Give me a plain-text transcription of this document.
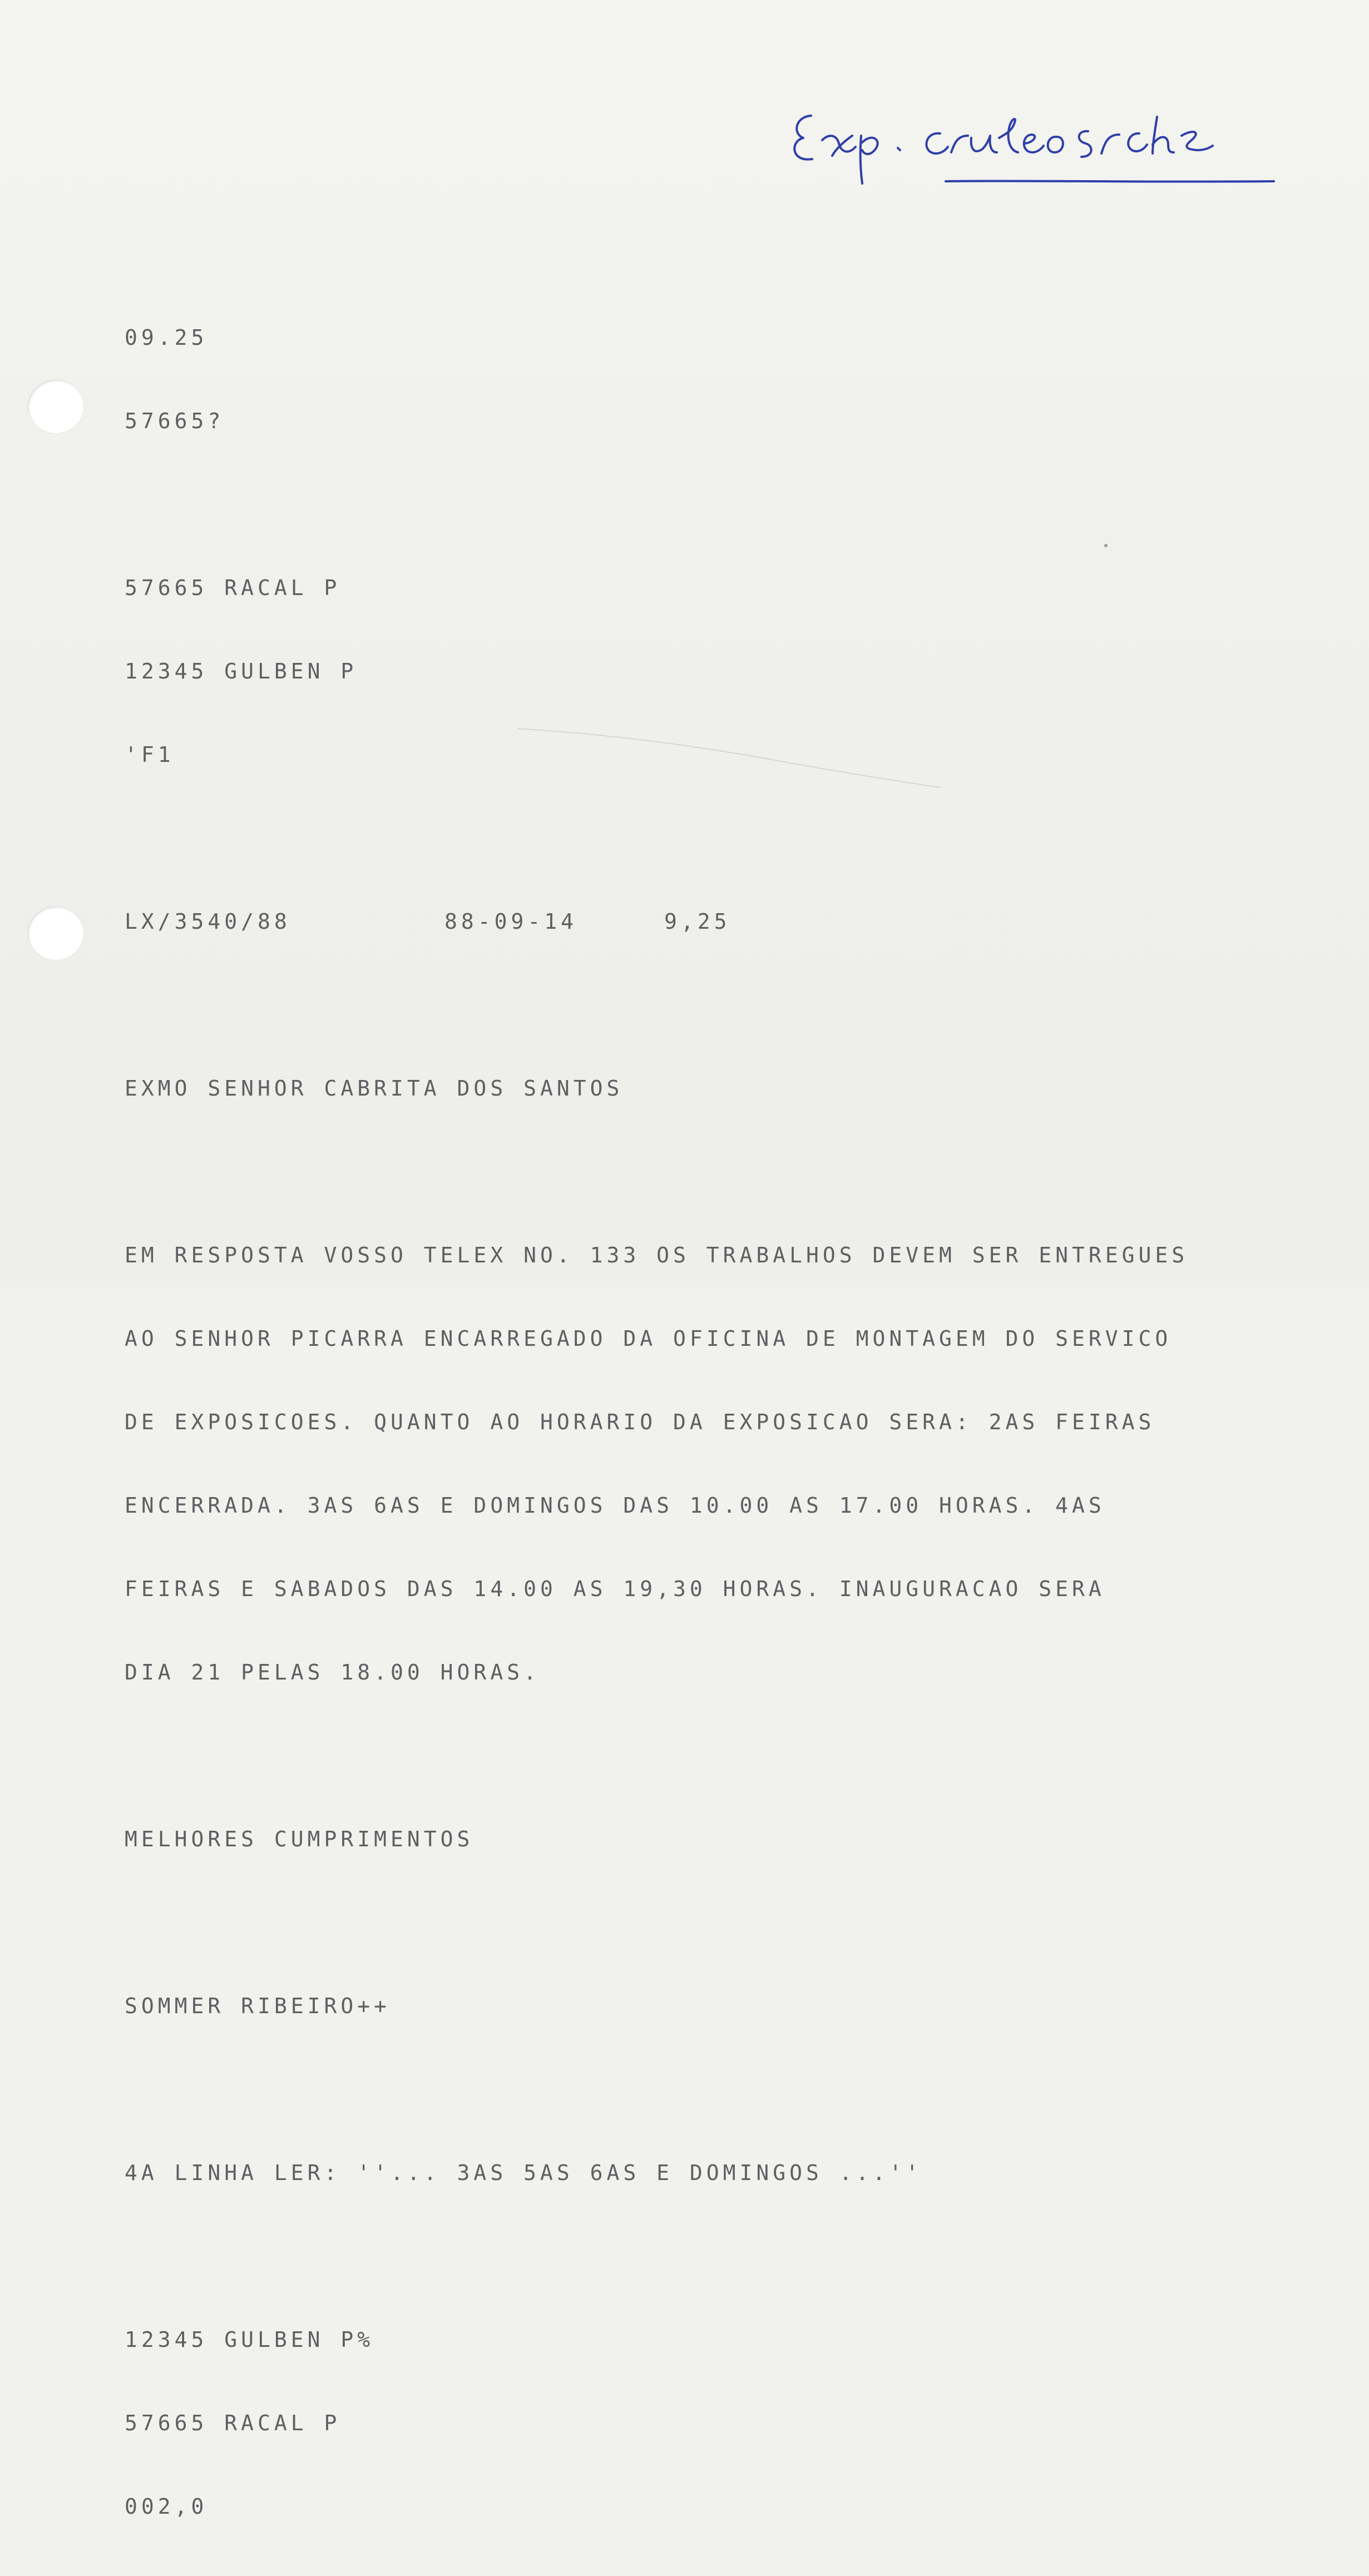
09.25

57665?

57665 RACAL P

12345 GULBEN P

'F1

LX/3540/88	88-09-14	9,25

EXMO SENHOR CABRITA DOS SANTOS

EM RESPOSTA VOSSO TELEX NO. 133 OS TRABALHOS DEVEM SER ENTREGUES

AO SENHOR PICARRA ENCARREGADO DA OFICINA DE MONTAGEM DO SERVICO

DE EXPOSICOES. QUANTO AO HORARIO DA EXPOSICAO SERA: 2AS FEIRAS

ENCERRADA. 3AS 6AS E DOMINGOS DAS 10.00 AS 17.00 HORAS. 4AS

FEIRAS E SABADOS DAS 14.00 AS 19,30 HORAS. INAUGURACAO SERA

DIA 21 PELAS 18.00 HORAS.

MELHORES CUMPRIMENTOS

SOMMER RIBEIRO++

4A LINHA LER: ''... 3AS 5AS 6AS E DOMINGOS ...''

12345 GULBEN P%

57665 RACAL P

002,0
